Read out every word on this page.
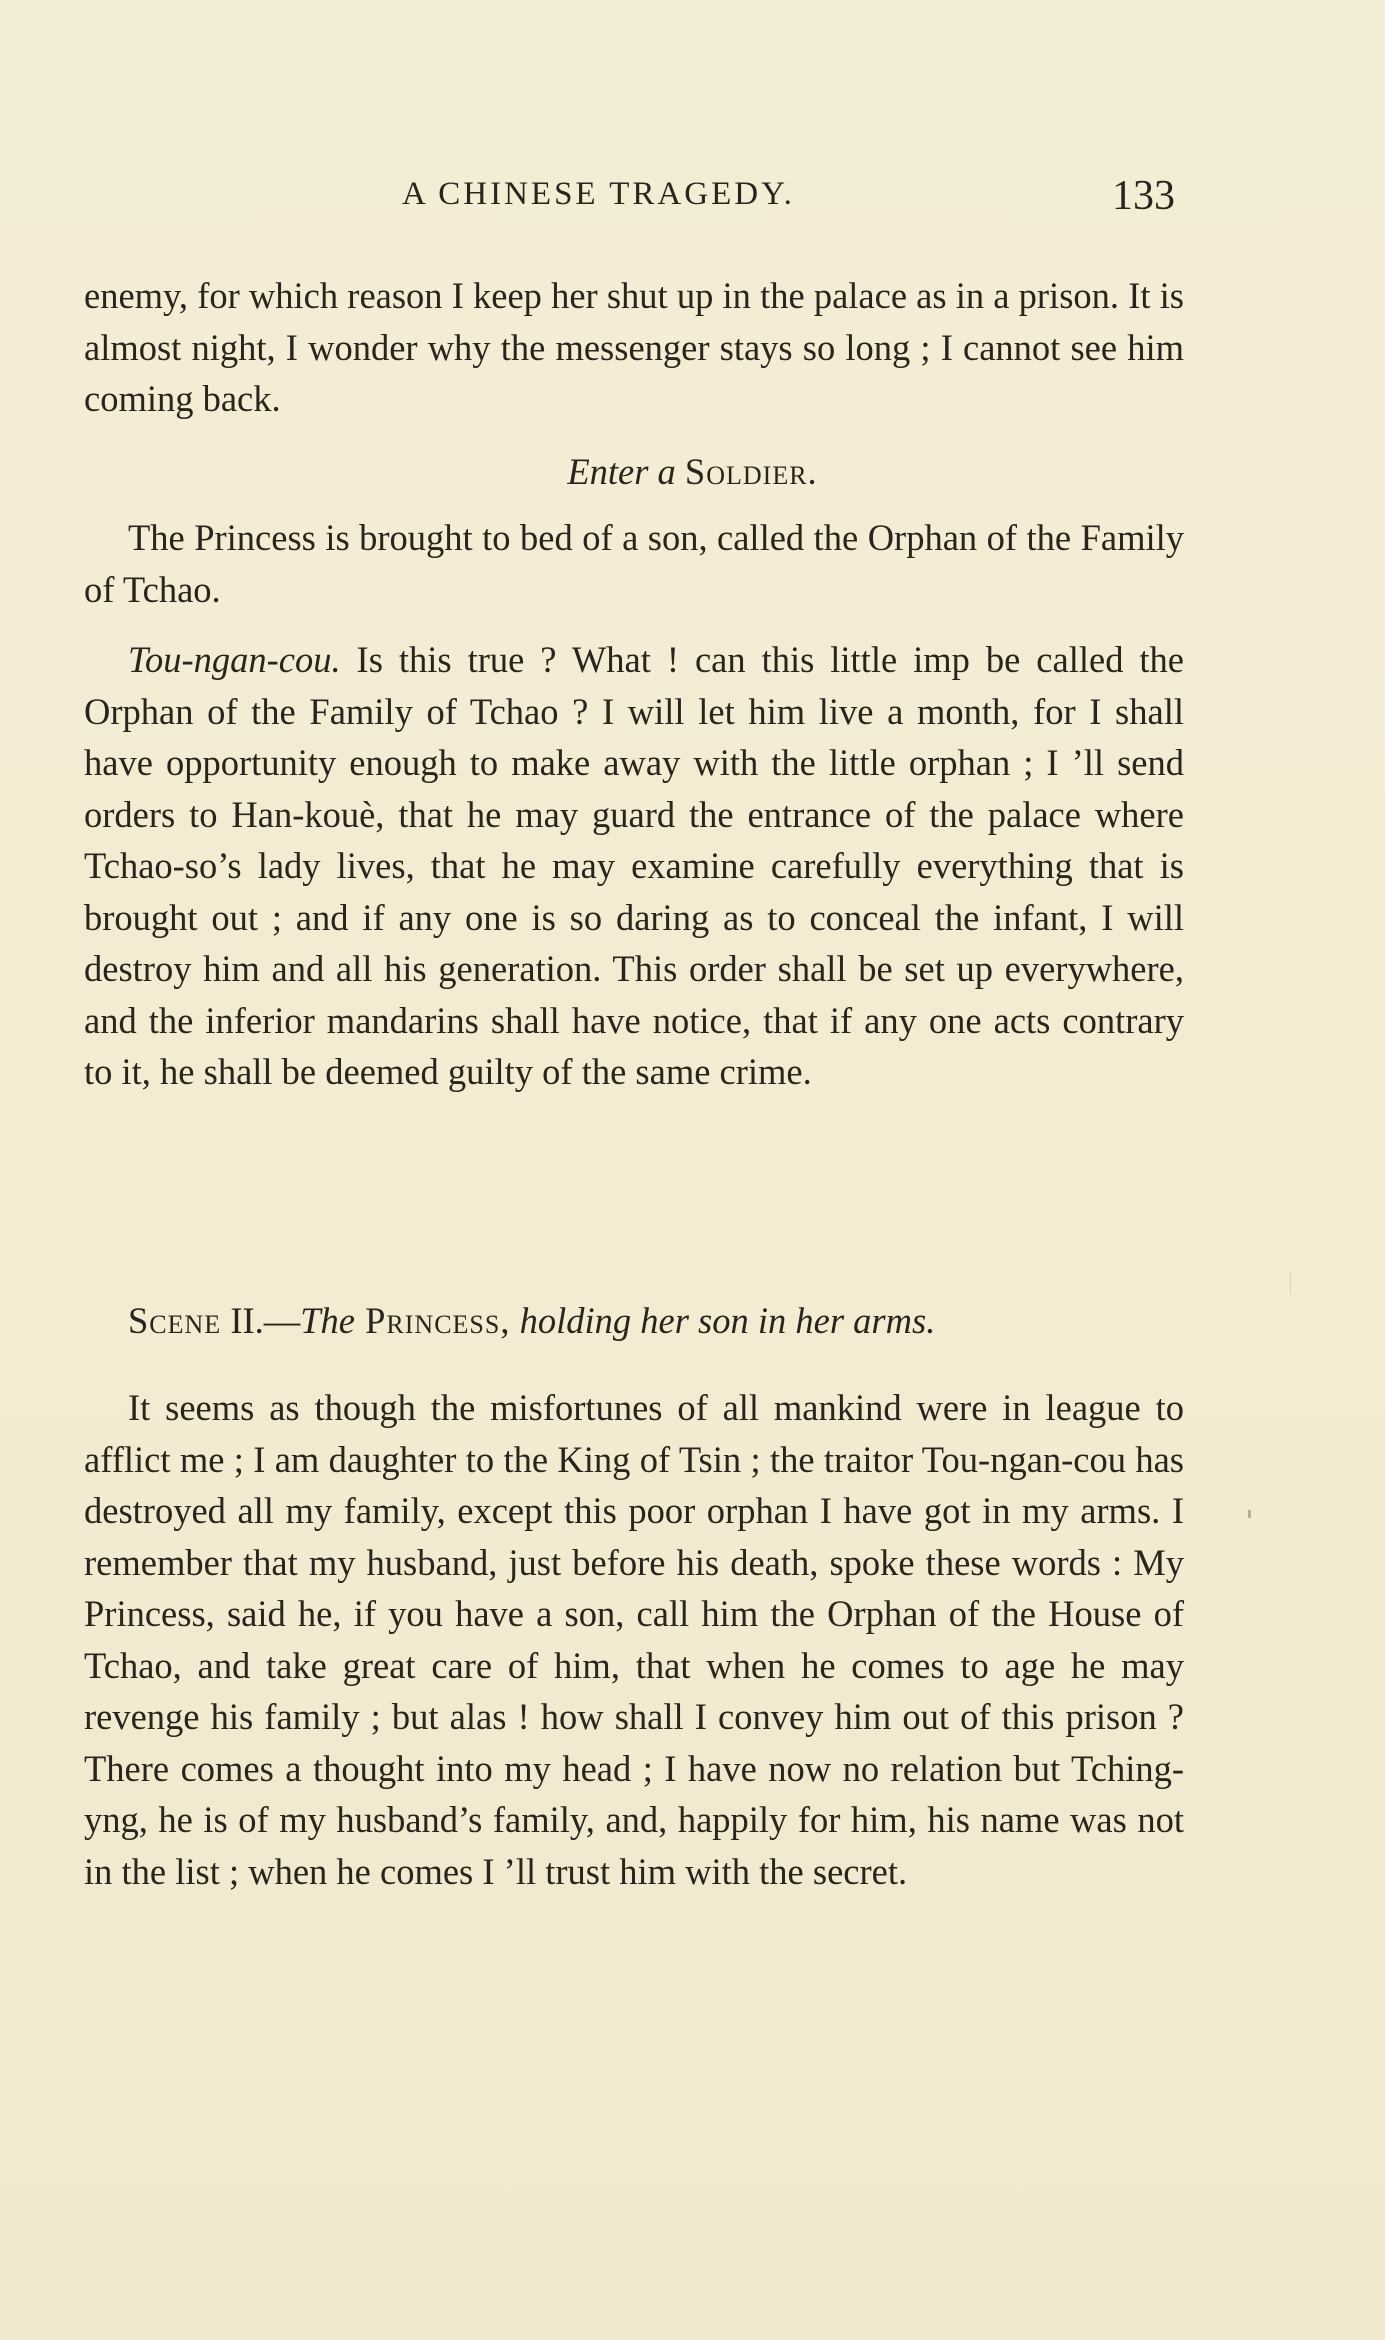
A CHINESE TRAGEDY.	133

enemy, for which reason I keep her shut up in the palace as in a prison. It is almost night, I wonder why the messenger stays so long ; I cannot see him coming back.

Enter a Soldier.

The Princess is brought to bed of a son, called the Orphan of the Family of Tchao.

Tou-ngan-cou. Is this true ? What ! can this little imp be called the Orphan of the Family of Tchao ? I will let him live a month, for I shall have opportunity enough to make away with the little orphan ; I ’ll send orders to Han-kouè, that he may guard the entrance of the palace where Tchao-so’s lady lives, that he may examine carefully everything that is brought out ; and if any one is so daring as to conceal the infant, I will destroy him and all his generation. This order shall be set up everywhere, and the inferior mandarins shall have notice, that if any one acts contrary to it, he shall be deemed guilty of the same crime.

Scene II.—The Princess, holding her son in her arms.

It seems as though the misfortunes of all mankind were in league to afflict me ; I am daughter to the King of Tsin ; the traitor Tou-ngan-cou has destroyed all my family, except this poor orphan I have got in my arms. I remember that my husband, just before his death, spoke these words : My Princess, said he, if you have a son, call him the Orphan of the House of Tchao, and take great care of him, that when he comes to age he may revenge his family ; but alas ! how shall I convey him out of this prison ? There comes a thought into my head ; I have now no relation but Tching-yng, he is of my husband’s family, and, happily for him, his name was not in the list ; when he comes I ’ll trust him with the secret.
